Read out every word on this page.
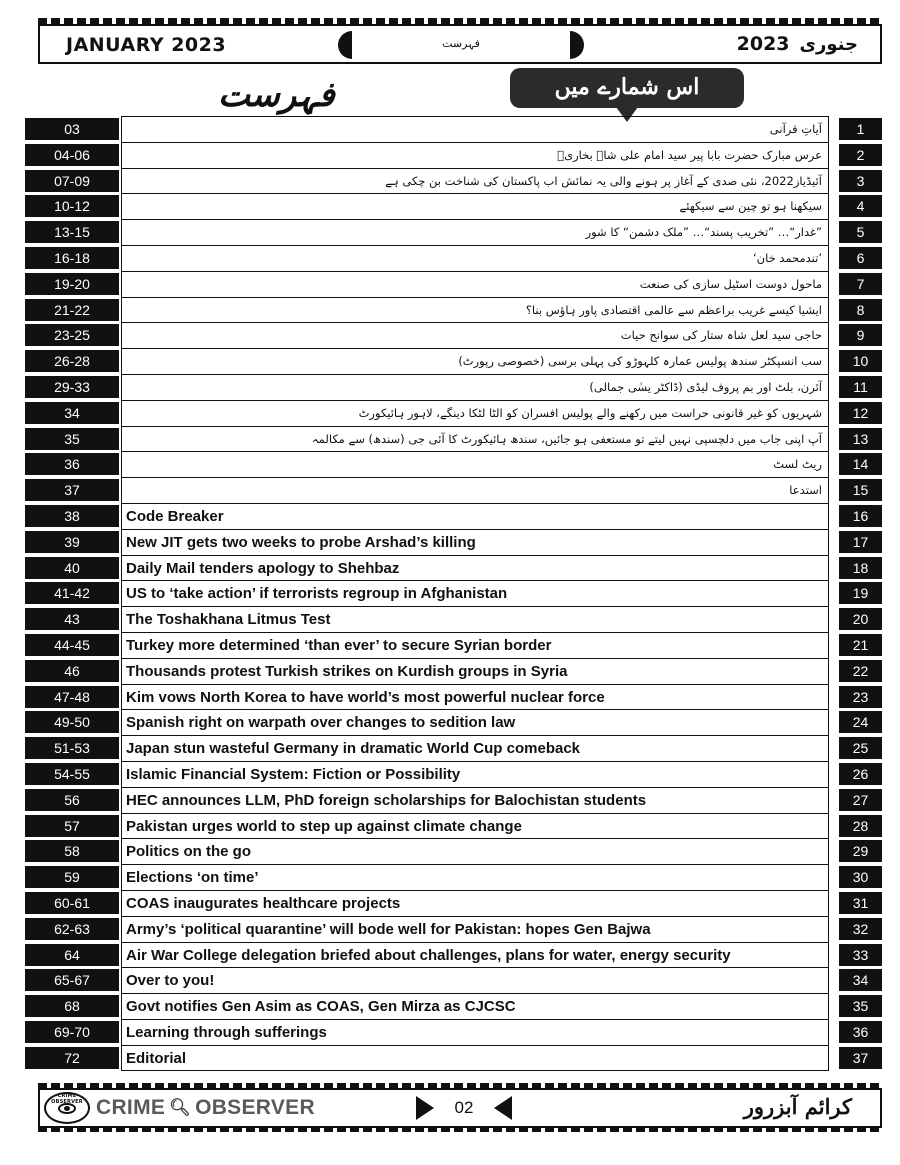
JANUARY 2023	فہرست	2023 جنوری
فہرست	اس شمارے میں
03	آیاتِ قرآنی	1
04-06	عرس مبارک حضرت بابا پیر سید امام علی شاہ بخاریؒ	2
07-09	آئیڈیاز2022، نئی صدی کے آغاز پر ہونے والی یہ نمائش اب پاکستان کی شناخت بن چکی ہے	3
10-12	سیکھنا ہو تو چین سے سیکھئے	4
13-15	”غدار“… ”تخریب پسند“… ”ملک دشمن“ کا شور	5
16-18	’تندمحمد خان‘	6
19-20	ماحول دوست اسٹیل سازی کی صنعت	7
21-22	ایشیا کیسے غریب براعظم سے عالمی اقتصادی پاور ہاؤس بنا؟	8
23-25	حاجی سید لعل شاہ ستار کی سوانح حیات	9
26-28	سب انسپکٹر سندھ پولیس عمارہ کلہوڑو کی پہلی برسی (خصوصی رپورٹ)	10
29-33	آئرن، بلٹ اور بم پروف لیڈی (ڈاکٹر یسٰی جمالی)	11
34	شہریوں کو غیر قانونی حراست میں رکھنے والے پولیس افسران کو الٹا لٹکا دینگے، لاہور ہائیکورٹ	12
35	آپ اپنی جاب میں دلچسپی نہیں لیتے تو مستعفی ہو جائیں، سندھ ہائیکورٹ کا آئی جی (سندھ) سے مکالمہ	13
36	ریٹ لسٹ	14
37	استدعا	15
38	Code Breaker	16
39	New JIT gets two weeks to probe Arshad’s killing	17
40	Daily Mail tenders apology to Shehbaz	18
41-42	US to ‘take action’ if terrorists regroup in Afghanistan	19
43	The Toshakhana Litmus Test	20
44-45	Turkey more determined ‘than ever’ to secure Syrian border	21
46	Thousands protest Turkish strikes on Kurdish groups in Syria	22
47-48	Kim vows North Korea to have world’s most powerful nuclear force	23
49-50	Spanish right on warpath over changes to sedition law	24
51-53	Japan stun wasteful Germany in dramatic World Cup comeback	25
54-55	Islamic Financial System: Fiction or Possibility	26
56	HEC announces LLM, PhD foreign scholarships for Balochistan students	27
57	Pakistan urges world to step up against climate change	28
58	Politics on the go	29
59	Elections ‘on time’	30
60-61	COAS inaugurates healthcare projects	31
62-63	Army’s ‘political quarantine’ will bode well for Pakistan: hopes Gen Bajwa	32
64	Air War College delegation briefed about challenges, plans for water, energy security	33
65-67	Over to you!	34
68	Govt notifies Gen Asim as COAS, Gen Mirza as CJCSC	35
69-70	Learning through sufferings	36
72	Editorial	37
CRIME OBSERVER CRIME 🔍︎ OBSERVER	02	کرائم آبزرور
